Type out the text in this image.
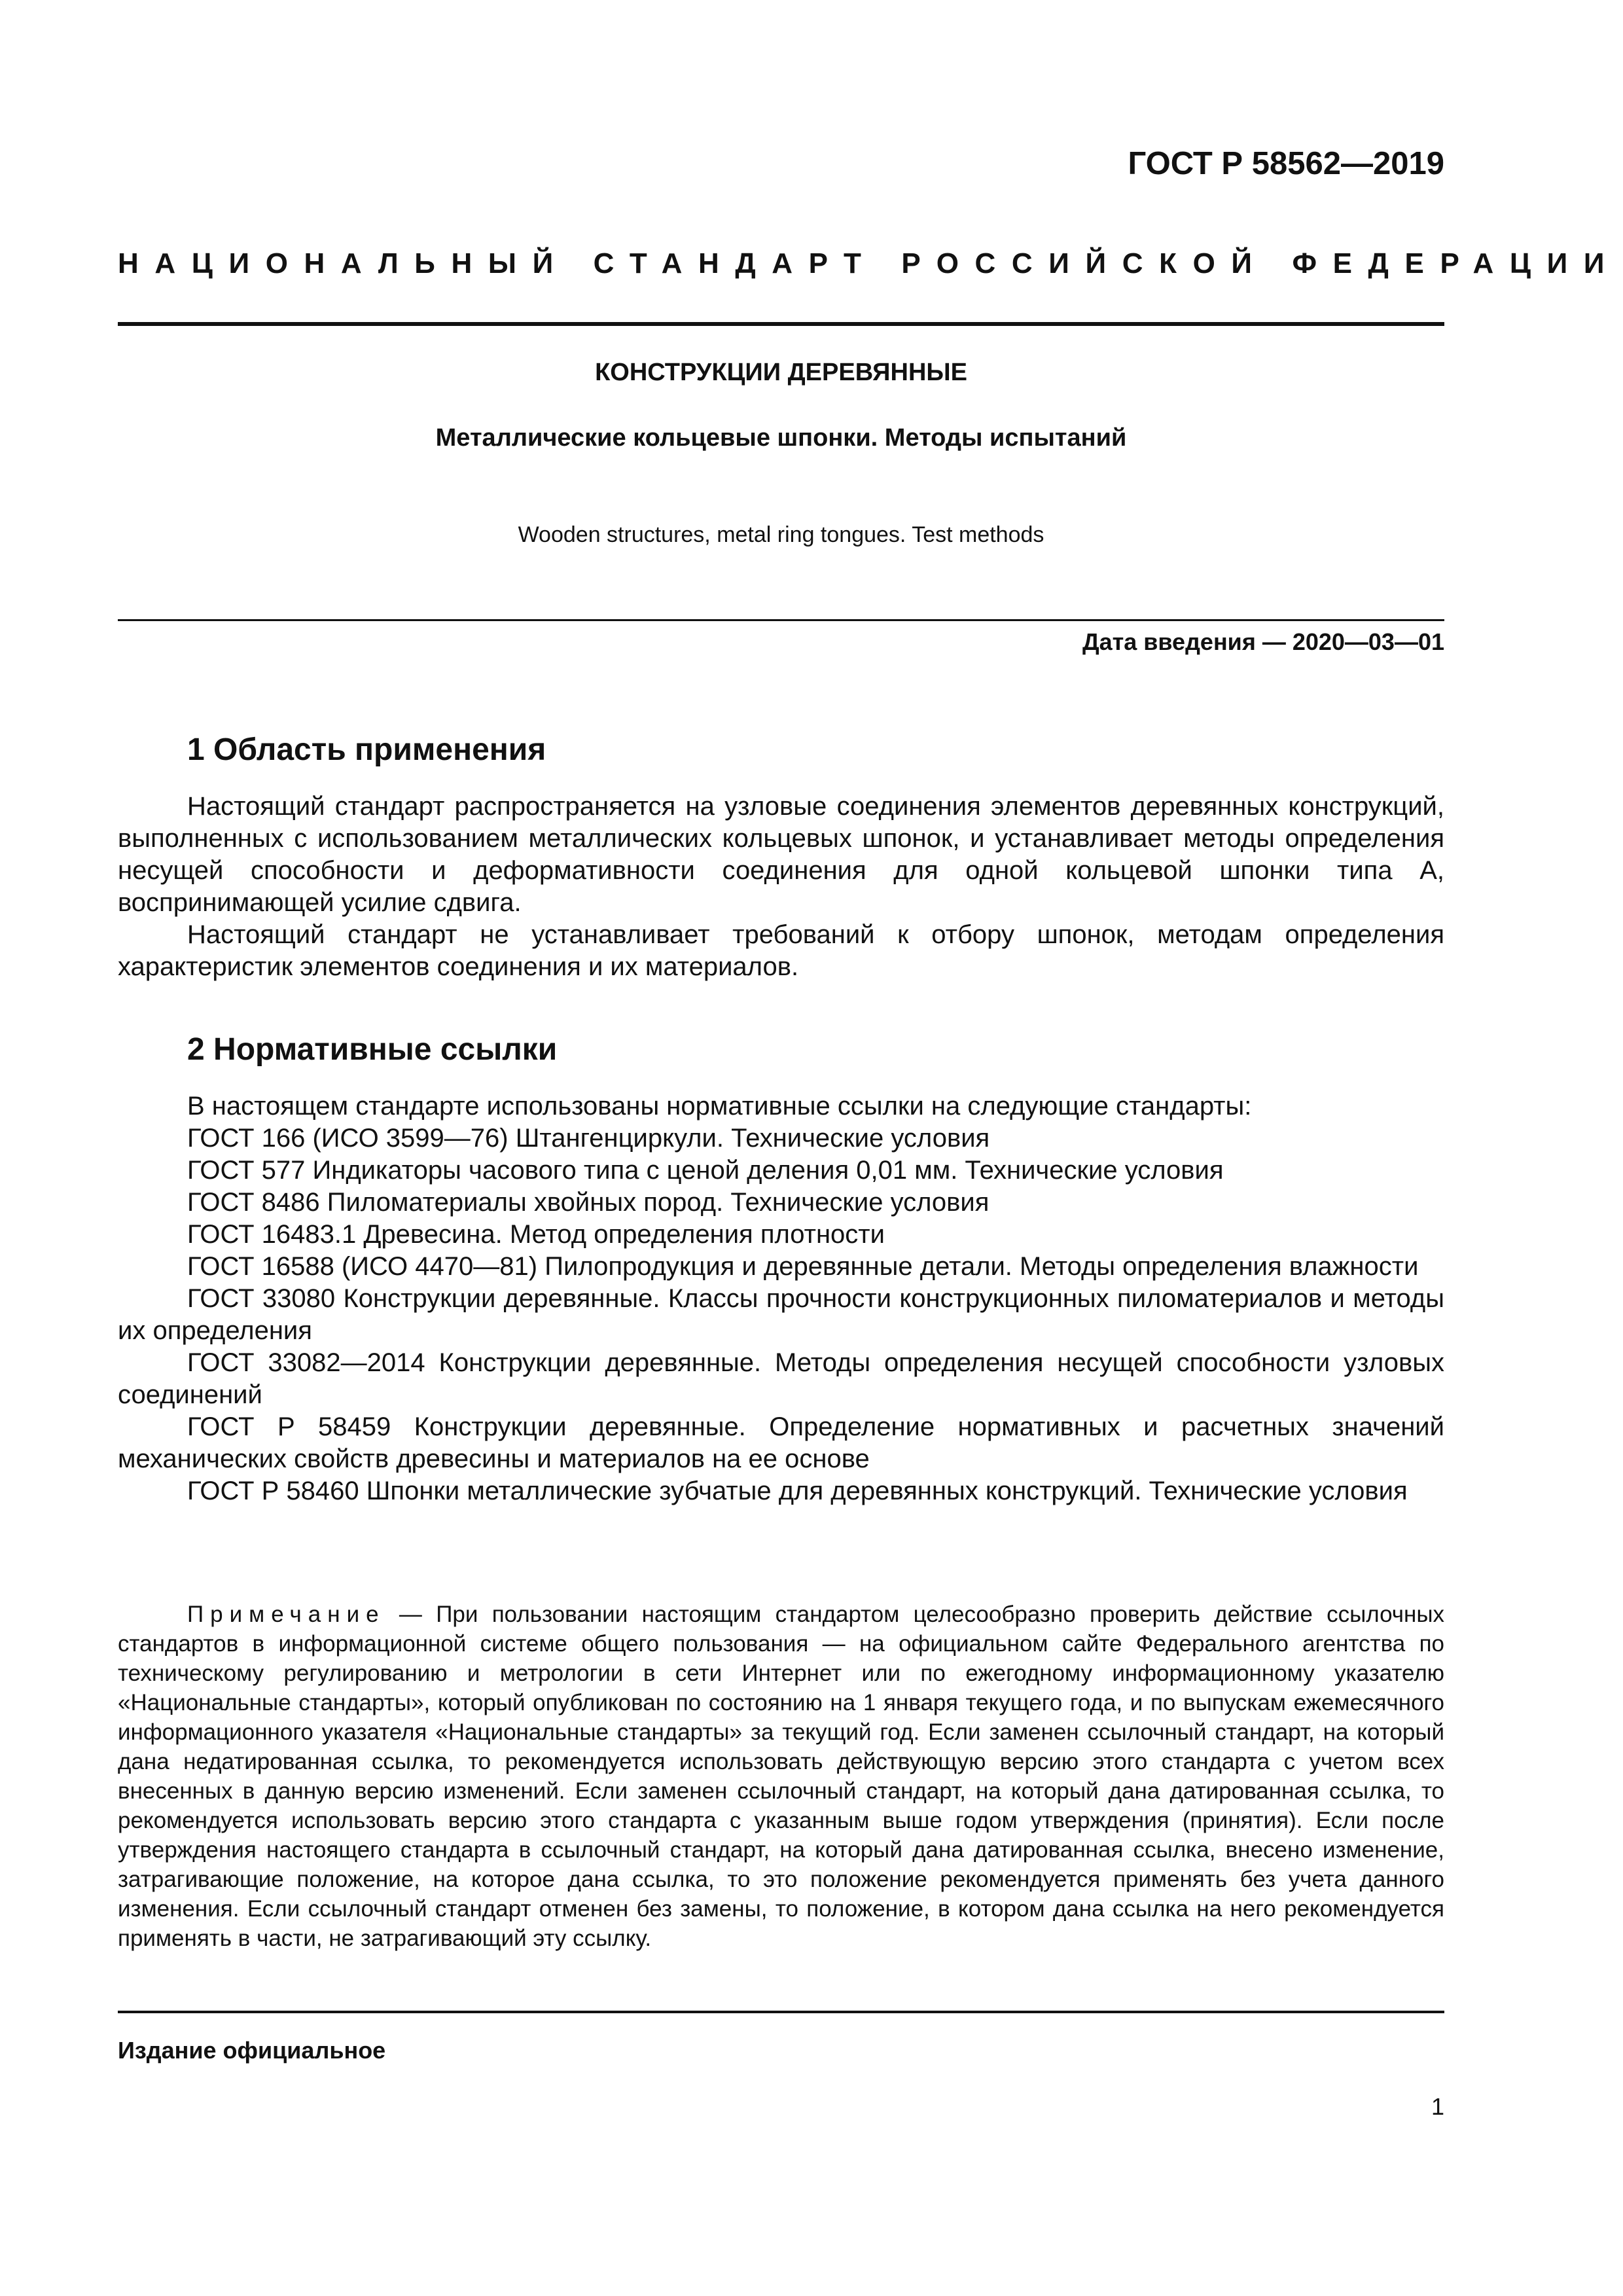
ГОСТ Р 58562—2019
НАЦИОНАЛЬНЫЙ СТАНДАРТ РОССИЙСКОЙ ФЕДЕРАЦИИ
КОНСТРУКЦИИ ДЕРЕВЯННЫЕ
Металлические кольцевые шпонки. Методы испытаний

Wooden structures, metal ring tongues. Test methods

Дата введения — 2020—03—01

1 Область применения

Настоящий стандарт распространяется на узловые соединения элементов деревянных конструкций, выполненных с использованием металлических кольцевых шпонок, и устанавливает методы определения несущей способности и деформативности соединения для одной кольцевой шпонки типа А, воспринимающей усилие сдвига.

Настоящий стандарт не устанавливает требований к отбору шпонок, методам определения характеристик элементов соединения и их материалов.

2 Нормативные ссылки

В настоящем стандарте использованы нормативные ссылки на следующие стандарты:

ГОСТ 166 (ИСО 3599—76) Штангенциркули. Технические условия

ГОСТ 577 Индикаторы часового типа с ценой деления 0,01 мм. Технические условия

ГОСТ 8486 Пиломатериалы хвойных пород. Технические условия

ГОСТ 16483.1 Древесина. Метод определения плотности

ГОСТ 16588 (ИСО 4470—81) Пилопродукция и деревянные детали. Методы определения влажности

ГОСТ 33080 Конструкции деревянные. Классы прочности конструкционных пиломатериалов и методы их определения

ГОСТ 33082—2014 Конструкции деревянные. Методы определения несущей способности узловых соединений

ГОСТ Р 58459 Конструкции деревянные. Определение нормативных и расчетных значений механических свойств древесины и материалов на ее основе

ГОСТ Р 58460 Шпонки металлические зубчатые для деревянных конструкций. Технические условия

Примечание — При пользовании настоящим стандартом целесообразно проверить действие ссылочных стандартов в информационной системе общего пользования — на официальном сайте Федерального агентства по техническому регулированию и метрологии в сети Интернет или по ежегодному информационному указателю «Национальные стандарты», который опубликован по состоянию на 1 января текущего года, и по выпускам ежемесячного информационного указателя «Национальные стандарты» за текущий год. Если заменен ссылочный стандарт, на который дана недатированная ссылка, то рекомендуется использовать действующую версию этого стандарта с учетом всех внесенных в данную версию изменений. Если заменен ссылочный стандарт, на который дана датированная ссылка, то рекомендуется использовать версию этого стандарта с указанным выше годом утверждения (принятия). Если после утверждения настоящего стандарта в ссылочный стандарт, на который дана датированная ссылка, внесено изменение, затрагивающие положение, на которое дана ссылка, то это положение рекомендуется применять без учета данного изменения. Если ссылочный стандарт отменен без замены, то положение, в котором дана ссылка на него рекомендуется применять в части, не затрагивающий эту ссылку.

Издание официальное

1
